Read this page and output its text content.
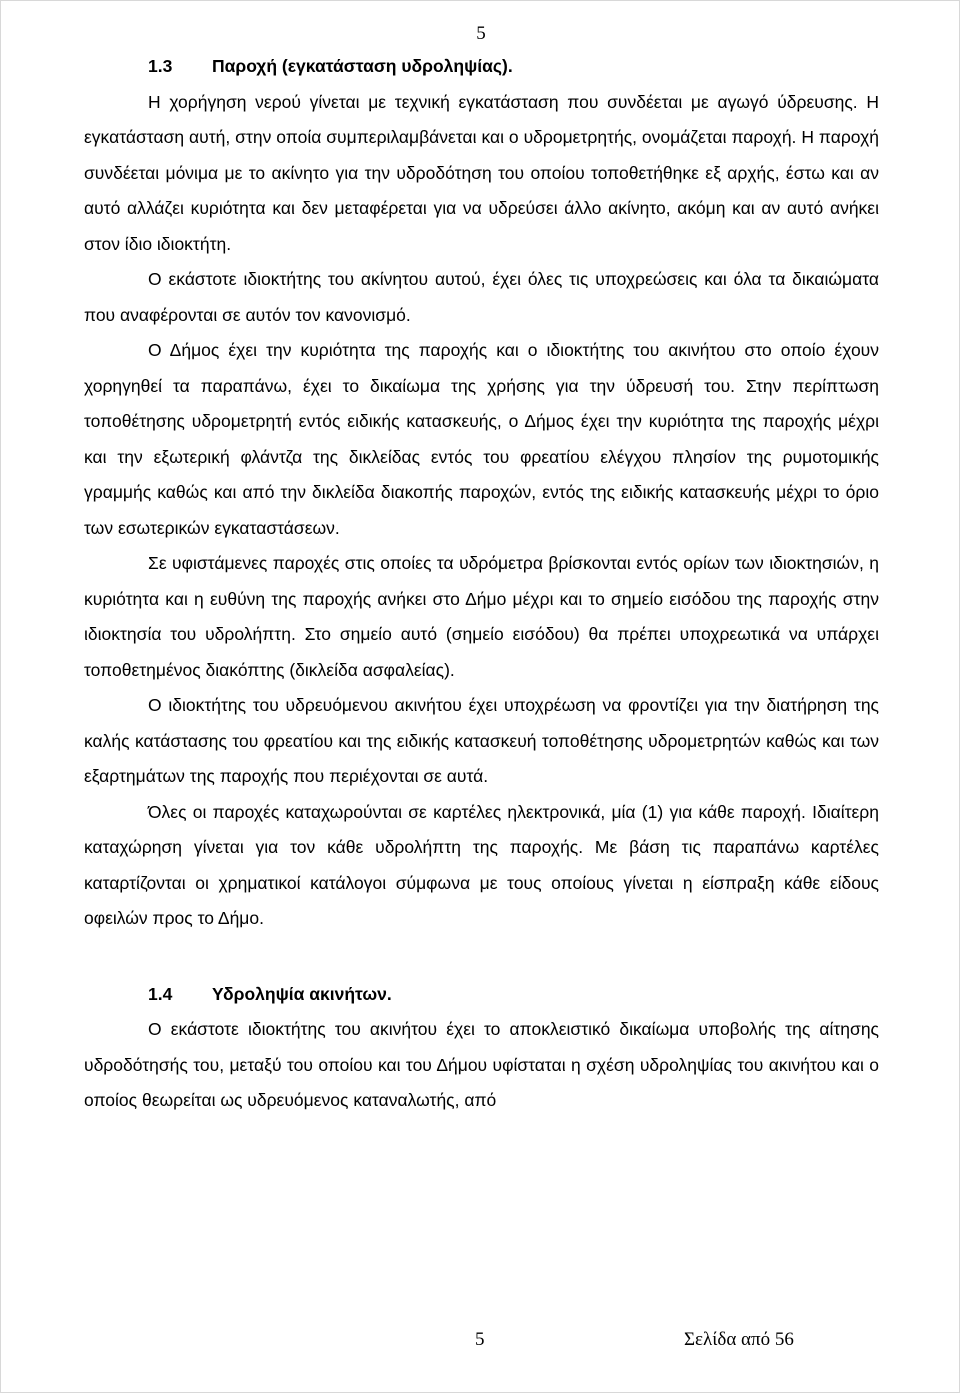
5
1.3 Παροχή (εγκατάσταση υδροληψίας).

Η χορήγηση νερού γίνεται με τεχνική εγκατάσταση που συνδέεται με αγωγό ύδρευσης. Η εγκατάσταση αυτή, στην οποία συμπεριλαμβάνεται και ο υδρομετρητής, ονομάζεται παροχή. Η παροχή συνδέεται μόνιμα με το ακίνητο για την υδροδότηση του οποίου τοποθετήθηκε εξ αρχής, έστω και αν αυτό αλλάζει κυριότητα και δεν μεταφέρεται για να υδρεύσει άλλο ακίνητο, ακόμη και αν αυτό ανήκει στον ίδιο ιδιοκτήτη.

Ο εκάστοτε ιδιοκτήτης του ακίνητου αυτού, έχει όλες τις υποχρεώσεις και όλα τα δικαιώματα που αναφέρονται σε αυτόν τον κανονισμό.

Ο Δήμος έχει την κυριότητα της παροχής και ο ιδιοκτήτης του ακινήτου στο οποίο έχουν χορηγηθεί τα παραπάνω, έχει το δικαίωμα της χρήσης για την ύδρευσή του. Στην περίπτωση τοποθέτησης υδρομετρητή εντός ειδικής κατασκευής, ο Δήμος έχει την κυριότητα της παροχής μέχρι και την εξωτερική φλάντζα της δικλείδας εντός του φρεατίου ελέγχου πλησίον της ρυμοτομικής γραμμής καθώς και από την δικλείδα διακοπής παροχών, εντός της ειδικής κατασκευής μέχρι το όριο των εσωτερικών εγκαταστάσεων.

Σε υφιστάμενες παροχές στις οποίες τα υδρόμετρα βρίσκονται εντός ορίων των ιδιοκτησιών, η κυριότητα και η ευθύνη της παροχής ανήκει στο Δήμο μέχρι και το σημείο εισόδου της παροχής στην ιδιοκτησία του υδρολήπτη. Στο σημείο αυτό (σημείο εισόδου) θα πρέπει υποχρεωτικά να υπάρχει τοποθετημένος διακόπτης (δικλείδα ασφαλείας).

Ο ιδιοκτήτης του υδρευόμενου ακινήτου έχει υποχρέωση να φροντίζει για την διατήρηση της καλής κατάστασης του φρεατίου και της ειδικής κατασκευή τοποθέτησης υδρομετρητών καθώς και των εξαρτημάτων της παροχής που περιέχονται σε αυτά.

Όλες οι παροχές καταχωρούνται σε καρτέλες ηλεκτρονικά, μία (1) για κάθε παροχή. Ιδιαίτερη καταχώρηση γίνεται για τον κάθε υδρολήπτη της παροχής. Με βάση τις παραπάνω καρτέλες καταρτίζονται οι χρηματικοί κατάλογοι σύμφωνα με τους οποίους γίνεται η είσπραξη κάθε είδους οφειλών προς το Δήμο.

1.4 Υδροληψία ακινήτων.

Ο εκάστοτε ιδιοκτήτης του ακινήτου έχει το αποκλειστικό δικαίωμα υποβολής της αίτησης υδροδότησής του, μεταξύ του οποίου και του Δήμου υφίσταται η σχέση υδροληψίας του ακινήτου και ο οποίος θεωρείται ως υδρευόμενος καταναλωτής, από

5	Σελίδα από 56
